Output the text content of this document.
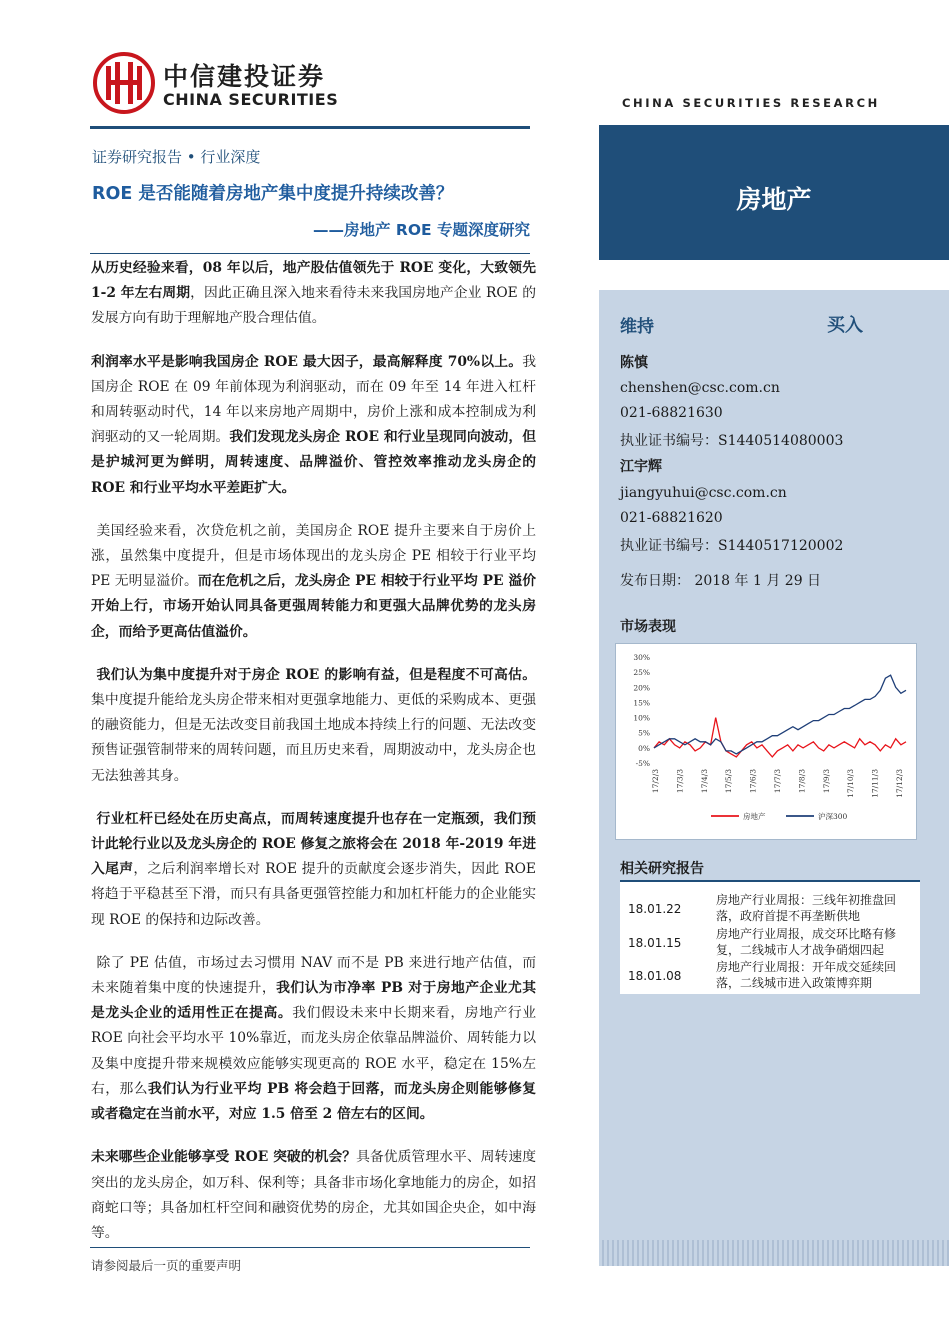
中信建投证券
CHINA SECURITIES	CHINA SECURITIES RESEARCH
房地产
证券研究报告 • 行业深度
ROE 是否能随着房地产集中度提升持续改善？
——房地产 ROE 专题深度研究

从历史经验来看，08 年以后，地产股估值领先于 ROE 变化，大致领先 1-2 年左右周期，因此正确且深入地来看待未来我国房地产企业 ROE 的发展方向有助于理解地产股合理估值。

利润率水平是影响我国房企 ROE 最大因子，最高解释度 70%以上。我国房企 ROE 在 09 年前体现为利润驱动，而在 09 年至 14 年进入杠杆和周转驱动时代，14 年以来房地产周期中，房价上涨和成本控制成为利润驱动的又一轮周期。我们发现龙头房企 ROE 和行业呈现同向波动，但是护城河更为鲜明，周转速度、品牌溢价、管控效率推动龙头房企的 ROE 和行业平均水平差距扩大。

美国经验来看，次贷危机之前，美国房企 ROE 提升主要来自于房价上涨，虽然集中度提升，但是市场体现出的龙头房企 PE 相较于行业平均 PE 无明显溢价。而在危机之后，龙头房企 PE 相较于行业平均 PE 溢价开始上行，市场开始认同具备更强周转能力和更强大品牌优势的龙头房企，而给予更高估值溢价。

我们认为集中度提升对于房企 ROE 的影响有益，但是程度不可高估。集中度提升能给龙头房企带来相对更强拿地能力、更低的采购成本、更强的融资能力，但是无法改变目前我国土地成本持续上行的问题、无法改变预售证强管制带来的周转问题，而且历史来看，周期波动中，龙头房企也无法独善其身。

行业杠杆已经处在历史高点，而周转速度提升也存在一定瓶颈，我们预计此轮行业以及龙头房企的 ROE 修复之旅将会在 2018 年-2019 年进入尾声，之后利润率增长对 ROE 提升的贡献度会逐步消失，因此 ROE 将趋于平稳甚至下滑，而只有具备更强管控能力和加杠杆能力的企业能实现 ROE 的保持和边际改善。

除了 PE 估值，市场过去习惯用 NAV 而不是 PB 来进行地产估值，而未来随着集中度的快速提升，我们认为市净率 PB 对于房地产企业尤其是龙头企业的适用性正在提高。我们假设未来中长期来看，房地产行业 ROE 向社会平均水平 10%靠近，而龙头房企依靠品牌溢价、周转能力以及集中度提升带来规模效应能够实现更高的 ROE 水平，稳定在 15%左右，那么我们认为行业平均 PB 将会趋于回落，而龙头房企则能够修复或者稳定在当前水平，对应 1.5 倍至 2 倍左右的区间。

未来哪些企业能够享受 ROE 突破的机会？具备优质管理水平、周转速度突出的龙头房企，如万科、保利等；具备非市场化拿地能力的房企，如招商蛇口等；具备加杠杆空间和融资优势的房企，尤其如国企央企，如中海等。

请参阅最后一页的重要声明
维持	买入
陈慎
chenshen@csc.com.cn
021-68821630
执业证书编号：S1440514080003
江宇辉
jiangyuhui@csc.com.cn
021-68821620
执业证书编号：S1440517120002
发布日期： 2018 年 1 月 29 日
市场表现
30%
25%
20%
15%
10%
5%
0%
-5%
17/2/3 17/3/3 17/4/3 17/5/3 17/6/3 17/7/3 17/8/3 17/9/3 17/10/3 17/11/3 17/12/3
房地产	沪深300
相关研究报告
18.01.22
房地产行业周报：三线年初推盘回落，政府首提不再垄断供地
18.01.15
房地产行业周报，成交环比略有修复，二线城市人才战争硝烟四起
18.01.08
房地产行业周报：开年成交延续回落，二线城市进入政策博弈期
